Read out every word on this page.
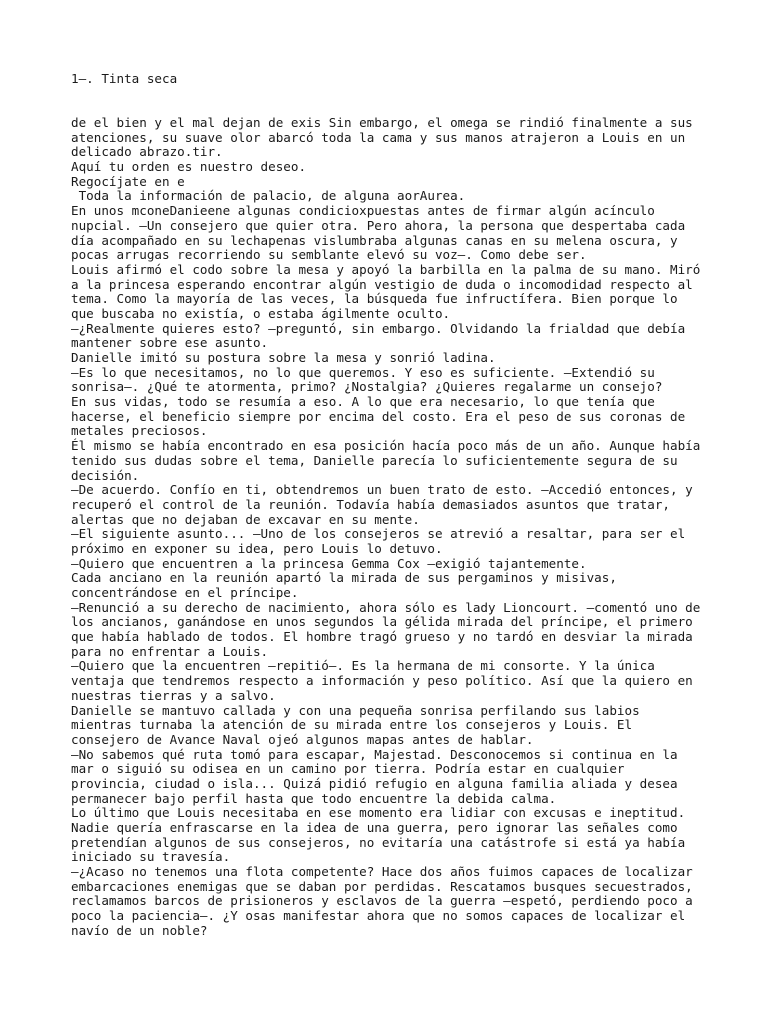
1—. Tinta seca
de el bien y el mal dejan de exis Sin embargo, el omega se rindió finalmente a sus
atenciones, su suave olor abarcó toda la cama y sus manos atrajeron a Louis en un
delicado abrazo.tir.
Aquí tu orden es nuestro deseo.
Regocíjate en e
Toda la información de palacio, de alguna aorAurea.
En unos mconeDanieene algunas condicioxpuestas antes de firmar algún acínculo
nupcial. —Un consejero que quier otra. Pero ahora, la persona que despertaba cada
día acompañado en su lechapenas vislumbraba algunas canas en su melena oscura, y
pocas arrugas recorriendo su semblante elevó su voz—. Como debe ser.
Louis afirmó el codo sobre la mesa y apoyó la barbilla en la palma de su mano. Miró
a la princesa esperando encontrar algún vestigio de duda o incomodidad respecto al
tema. Como la mayoría de las veces, la búsqueda fue infructífera. Bien porque lo
que buscaba no existía, o estaba ágilmente oculto.
—¿Realmente quieres esto? —preguntó, sin embargo. Olvidando la frialdad que debía
mantener sobre ese asunto.
Danielle imitó su postura sobre la mesa y sonrió ladina.
—Es lo que necesitamos, no lo que queremos. Y eso es suficiente. —Extendió su
sonrisa—. ¿Qué te atormenta, primo? ¿Nostalgia? ¿Quieres regalarme un consejo?
En sus vidas, todo se resumía a eso. A lo que era necesario, lo que tenía que
hacerse, el beneficio siempre por encima del costo. Era el peso de sus coronas de
metales preciosos.
Él mismo se había encontrado en esa posición hacía poco más de un año. Aunque había
tenido sus dudas sobre el tema, Danielle parecía lo suficientemente segura de su
decisión.
—De acuerdo. Confío en ti, obtendremos un buen trato de esto. —Accedió entonces, y
recuperó el control de la reunión. Todavía había demasiados asuntos que tratar,
alertas que no dejaban de excavar en su mente.
—El siguiente asunto... —Uno de los consejeros se atrevió a resaltar, para ser el
próximo en exponer su idea, pero Louis lo detuvo.
—Quiero que encuentren a la princesa Gemma Cox —exigió tajantemente.
Cada anciano en la reunión apartó la mirada de sus pergaminos y misivas,
concentrándose en el príncipe.
—Renunció a su derecho de nacimiento, ahora sólo es lady Lioncourt. —comentó uno de
los ancianos, ganándose en unos segundos la gélida mirada del príncipe, el primero
que había hablado de todos. El hombre tragó grueso y no tardó en desviar la mirada
para no enfrentar a Louis.
—Quiero que la encuentren —repitió—. Es la hermana de mi consorte. Y la única
ventaja que tendremos respecto a información y peso político. Así que la quiero en
nuestras tierras y a salvo.
Danielle se mantuvo callada y con una pequeña sonrisa perfilando sus labios
mientras turnaba la atención de su mirada entre los consejeros y Louis. El
consejero de Avance Naval ojeó algunos mapas antes de hablar.
—No sabemos qué ruta tomó para escapar, Majestad. Desconocemos si continua en la
mar o siguió su odisea en un camino por tierra. Podría estar en cualquier
provincia, ciudad o isla... Quizá pidió refugio en alguna familia aliada y desea
permanecer bajo perfil hasta que todo encuentre la debida calma.
Lo último que Louis necesitaba en ese momento era lidiar con excusas e ineptitud.
Nadie quería enfrascarse en la idea de una guerra, pero ignorar las señales como
pretendían algunos de sus consejeros, no evitaría una catástrofe si está ya había
iniciado su travesía.
—¿Acaso no tenemos una flota competente? Hace dos años fuimos capaces de localizar
embarcaciones enemigas que se daban por perdidas. Rescatamos busques secuestrados,
reclamamos barcos de prisioneros y esclavos de la guerra —espetó, perdiendo poco a
poco la paciencia—. ¿Y osas manifestar ahora que no somos capaces de localizar el
navío de un noble?
